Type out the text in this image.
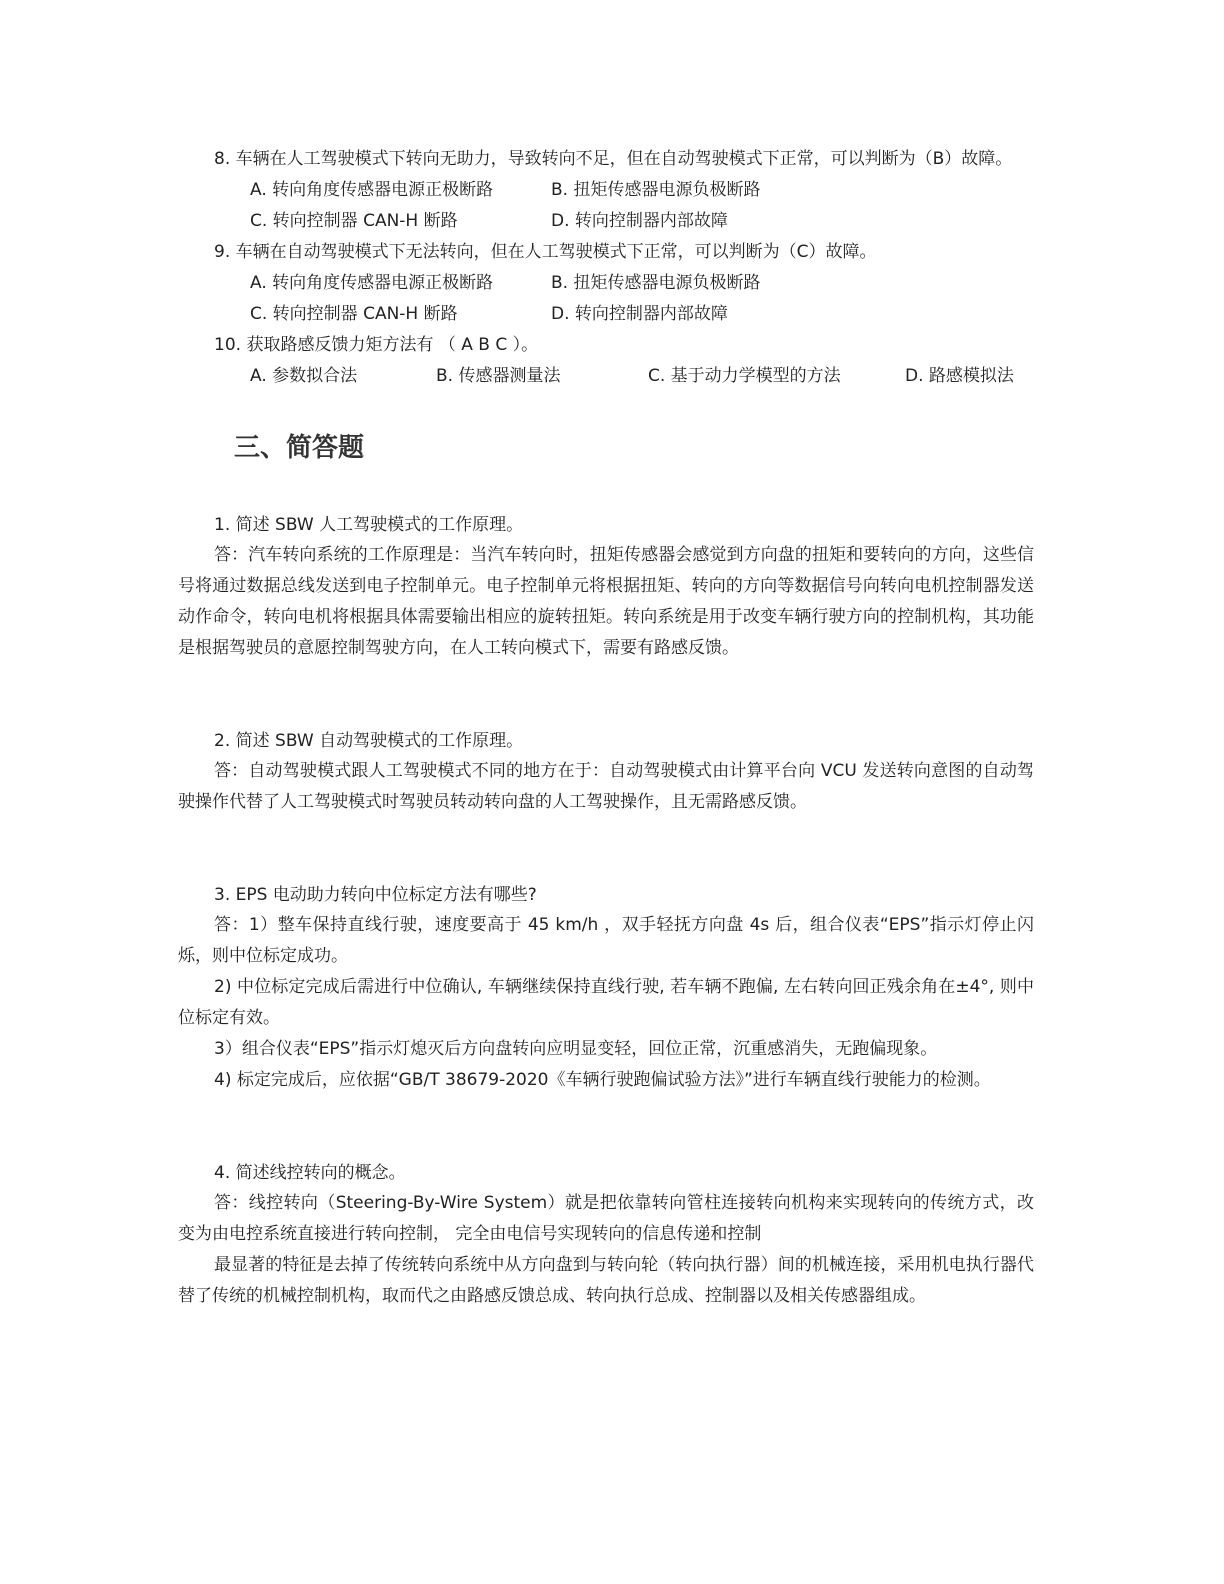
8. 车辆在人工驾驶模式下转向无助力，导致转向不足，但在自动驾驶模式下正常，可以判断为（B）故障。
A. 转向角度传感器电源正极断路	B. 扭矩传感器电源负极断路
C. 转向控制器 CAN-H 断路	D. 转向控制器内部故障
9. 车辆在自动驾驶模式下无法转向，但在人工驾驶模式下正常，可以判断为（C）故障。
A. 转向角度传感器电源正极断路	B. 扭矩传感器电源负极断路
C. 转向控制器 CAN-H 断路	D. 转向控制器内部故障
10. 获取路感反馈力矩方法有 （ A B C ）。
A. 参数拟合法	B. 传感器测量法	C. 基于动力学模型的方法	D. 路感模拟法
三、简答题
1. 简述 SBW 人工驾驶模式的工作原理。
答：汽车转向系统的工作原理是：当汽车转向时，扭矩传感器会感觉到方向盘的扭矩和要转向的方向，这些信号将通过数据总线发送到电子控制单元。电子控制单元将根据扭矩、转向的方向等数据信号向转向电机控制器发送动作命令，转向电机将根据具体需要输出相应的旋转扭矩。转向系统是用于改变车辆行驶方向的控制机构，其功能是根据驾驶员的意愿控制驾驶方向，在人工转向模式下，需要有路感反馈。
2. 简述 SBW 自动驾驶模式的工作原理。
答：自动驾驶模式跟人工驾驶模式不同的地方在于：自动驾驶模式由计算平台向 VCU 发送转向意图的自动驾驶操作代替了人工驾驶模式时驾驶员转动转向盘的人工驾驶操作，且无需路感反馈。
3. EPS 电动助力转向中位标定方法有哪些?
答：1）整车保持直线行驶，速度要高于 45 km/h ，双手轻抚方向盘 4s 后，组合仪表“EPS”指示灯停止闪烁，则中位标定成功。
2) 中位标定完成后需进行中位确认, 车辆继续保持直线行驶, 若车辆不跑偏, 左右转向回正残余角在±4°, 则中位标定有效。
3）组合仪表“EPS”指示灯熄灭后方向盘转向应明显变轻，回位正常，沉重感消失，无跑偏现象。
4) 标定完成后，应依据“GB/T 38679-2020《车辆行驶跑偏试验方法》”进行车辆直线行驶能力的检测。
4. 简述线控转向的概念。
答：线控转向（Steering-By-Wire System）就是把依靠转向管柱连接转向机构来实现转向的传统方式，改变为由电控系统直接进行转向控制， 完全由电信号实现转向的信息传递和控制
最显著的特征是去掉了传统转向系统中从方向盘到与转向轮（转向执行器）间的机械连接，采用机电执行器代替了传统的机械控制机构，取而代之由路感反馈总成、转向执行总成、控制器以及相关传感器组成。
